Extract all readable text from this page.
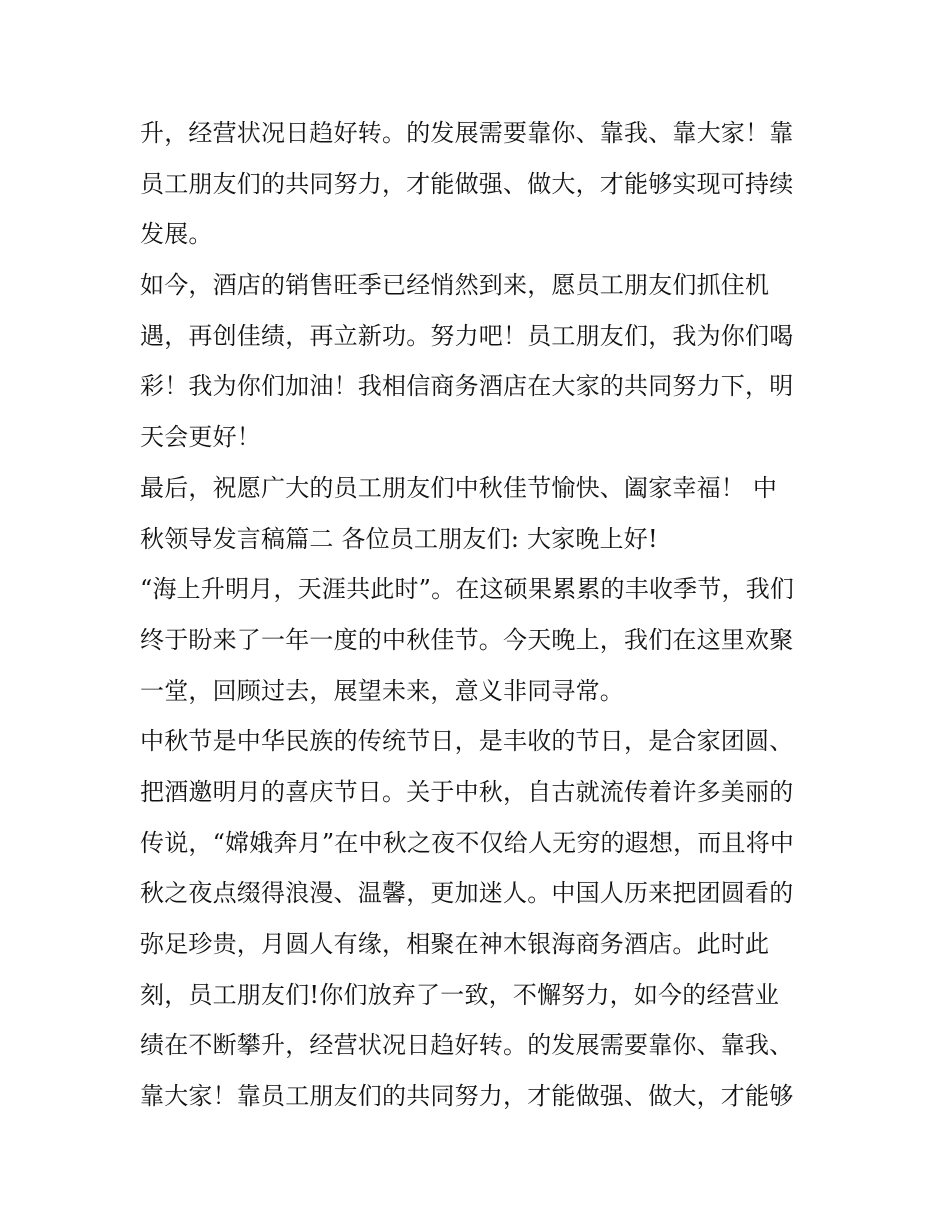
升，经营状况日趋好转。的发展需要靠你、靠我、靠大家！靠
员工朋友们的共同努力，才能做强、做大，才能够实现可持续
发展。
如今，酒店的销售旺季已经悄然到来，愿员工朋友们抓住机
遇，再创佳绩，再立新功。努力吧！员工朋友们，我为你们喝
彩！我为你们加油！我相信商务酒店在大家的共同努力下，明
天会更好！
最后，祝愿广大的员工朋友们中秋佳节愉快、阖家幸福！ 中
秋领导发言稿篇二 各位员工朋友们: 大家晚上好!
“海上升明月，天涯共此时”。在这硕果累累的丰收季节，我们
终于盼来了一年一度的中秋佳节。今天晚上，我们在这里欢聚
一堂，回顾过去，展望未来，意义非同寻常。
中秋节是中华民族的传统节日，是丰收的节日，是合家团圆、
把酒邀明月的喜庆节日。关于中秋，自古就流传着许多美丽的
传说，“嫦娥奔月”在中秋之夜不仅给人无穷的遐想，而且将中
秋之夜点缀得浪漫、温馨，更加迷人。中国人历来把团圆看的
弥足珍贵，月圆人有缘，相聚在神木银海商务酒店。此时此
刻，员工朋友们!你们放弃了一致，不懈努力，如今的经营业
绩在不断攀升，经营状况日趋好转。的发展需要靠你、靠我、
靠大家！靠员工朋友们的共同努力，才能做强、做大，才能够
